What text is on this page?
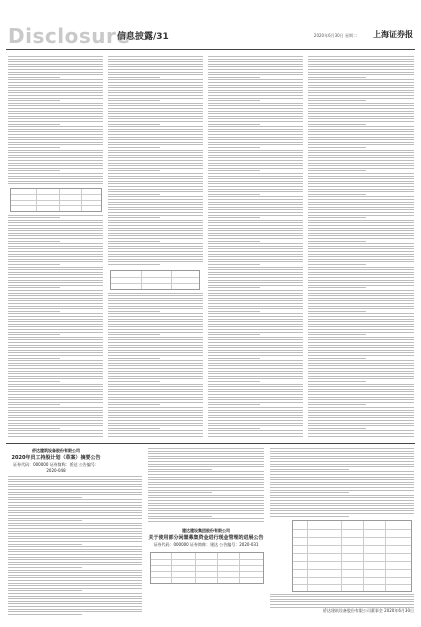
Disclosure
信息披露/31	2020年6月30日 星期二 上海证券报
侨达建筑设备股份有限公司
2020年员工持股计划（草案）摘要公告
证券代码：000000 证券简称：侨达 公告编号：2020-048
建达建设集团股份有限公司
关于使用部分闲置募集资金进行现金管理的进展公告
证券代码：000000 证券简称：建达 公告编号：2020-031
侨达建筑设备股份有限公司董事会 2020年6月30日
